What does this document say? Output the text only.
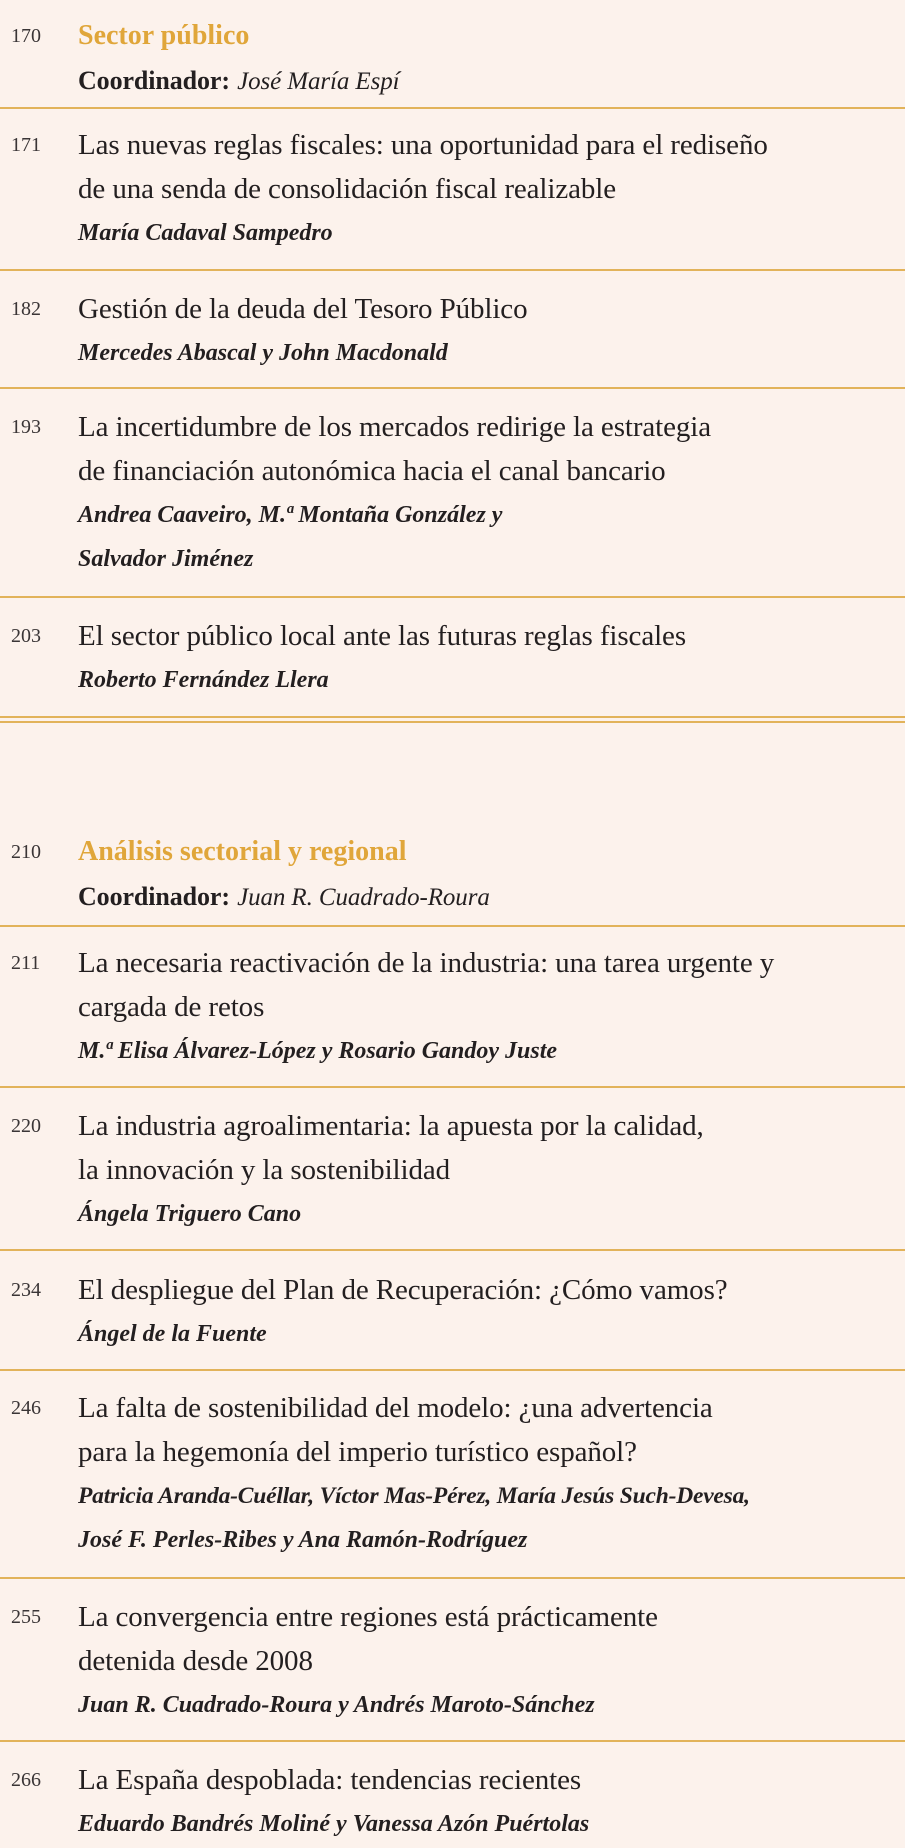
170 Sector público
Coordinador: José María Espí
171 Las nuevas reglas fiscales: una oportunidad para el rediseño
de una senda de consolidación fiscal realizable
María Cadaval Sampedro
182 Gestión de la deuda del Tesoro Público
Mercedes Abascal y John Macdonald
193 La incertidumbre de los mercados redirige la estrategia
de financiación autonómica hacia el canal bancario
Andrea Caaveiro, M.ª Montaña González y
Salvador Jiménez
203 El sector público local ante las futuras reglas fiscales
Roberto Fernández Llera
210 Análisis sectorial y regional
Coordinador: Juan R. Cuadrado-Roura
211 La necesaria reactivación de la industria: una tarea urgente y
cargada de retos
M.ª Elisa Álvarez-López y Rosario Gandoy Juste
220 La industria agroalimentaria: la apuesta por la calidad,
la innovación y la sostenibilidad
Ángela Triguero Cano
234 El despliegue del Plan de Recuperación: ¿Cómo vamos?
Ángel de la Fuente
246 La falta de sostenibilidad del modelo: ¿una advertencia
para la hegemonía del imperio turístico español?
Patricia Aranda-Cuéllar, Víctor Mas-Pérez, María Jesús Such-Devesa,
José F. Perles-Ribes y Ana Ramón-Rodríguez
255 La convergencia entre regiones está prácticamente
detenida desde 2008
Juan R. Cuadrado-Roura y Andrés Maroto-Sánchez
266 La España despoblada: tendencias recientes
Eduardo Bandrés Moliné y Vanessa Azón Puértolas
